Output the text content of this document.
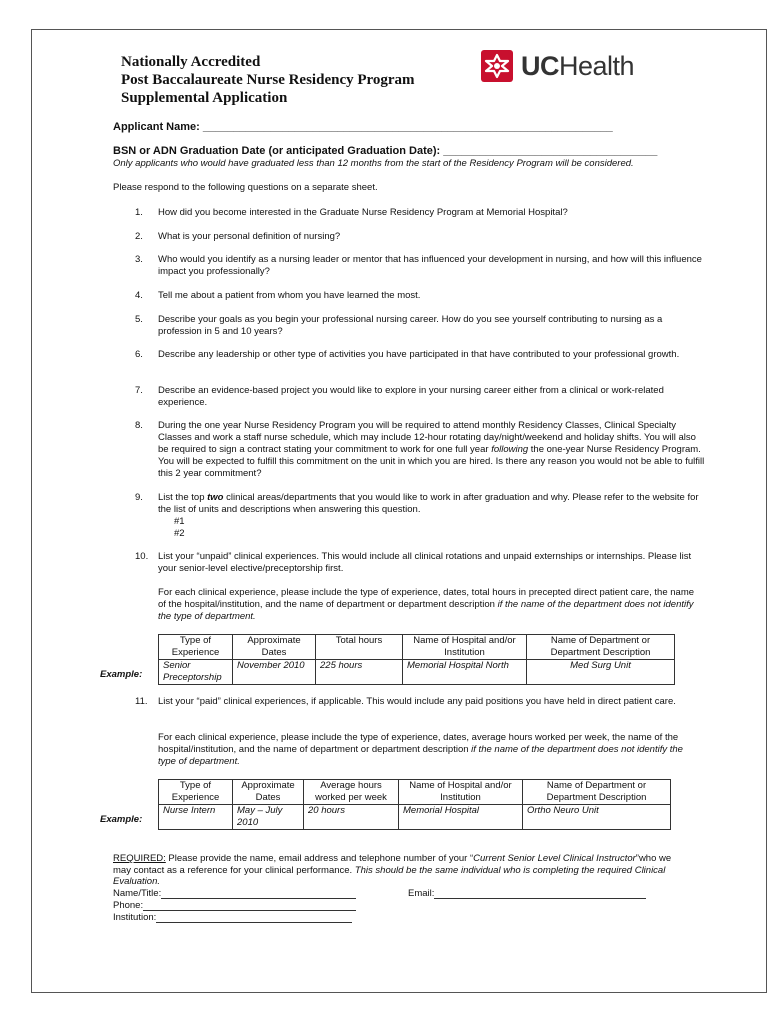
Nationally Accredited
Post Baccalaureate Nurse Residency Program
Supplemental Application
UCHealth
Applicant Name: ___________________________________________________________________
BSN or ADN Graduation Date (or anticipated Graduation Date): ___________________________________
Only applicants who would have graduated less than 12 months from the start of the Residency Program will be considered.
Please respond to the following questions on a separate sheet.
1.	How did you become interested in the Graduate Nurse Residency Program at Memorial Hospital?
2.	What is your personal definition of nursing?
3.	Who would you identify as a nursing leader or mentor that has influenced your development in nursing, and how will this influence impact you professionally?
4.	Tell me about a patient from whom you have learned the most.
5.	Describe your goals as you begin your professional nursing career. How do you see yourself contributing to nursing as a profession in 5 and 10 years?
6.	Describe any leadership or other type of activities you have participated in that have contributed to your professional growth.
7.	Describe an evidence-based project you would like to explore in your nursing career either from a clinical or work-related experience.
8.	During the one year Nurse Residency Program you will be required to attend monthly Residency Classes, Clinical Specialty Classes and work a staff nurse schedule, which may include 12-hour rotating day/night/weekend and holiday shifts. You will also be required to sign a contract stating your commitment to work for one full year following the one-year Nurse Residency Program. You will be expected to fulfill this commitment on the unit in which you are hired. Is there any reason you would not be able to fulfill this 2 year commitment?
9.	List the top two clinical areas/departments that you would like to work in after graduation and why. Please refer to the website for the list of units and descriptions when answering this question.
#1
#2
10.	List your “unpaid” clinical experiences. This would include all clinical rotations and unpaid externships or internships. Please list your senior-level elective/preceptorship first.
For each clinical experience, please include the type of experience, dates, total hours in precepted direct patient care, the name of the hospital/institution, and the name of department or department description if the name of the department does not identify the type of department.
Type of Experience	Approximate Dates	Total hours	Name of Hospital and/or Institution	Name of Department or Department Description
Senior Preceptorship	November 2010	225 hours	Memorial Hospital North	Med Surg Unit
Example:
11.	List your “paid” clinical experiences, if applicable. This would include any paid positions you have held in direct patient care.
For each clinical experience, please include the type of experience, dates, average hours worked per week, the name of the hospital/institution, and the name of department or department description if the name of the department does not identify the type of department.
Type of Experience	Approximate Dates	Average hours worked per week	Name of Hospital and/or Institution	Name of Department or Department Description
Nurse Intern	May – July 2010	20 hours	Memorial Hospital	Ortho Neuro Unit
Example:
REQUIRED: Please provide the name, email address and telephone number of your “Current Senior Level Clinical Instructor”who we may contact as a reference for your clinical performance. This should be the same individual who is completing the required Clinical Evaluation.
Name/Title:	Email:
Phone:
Institution:
